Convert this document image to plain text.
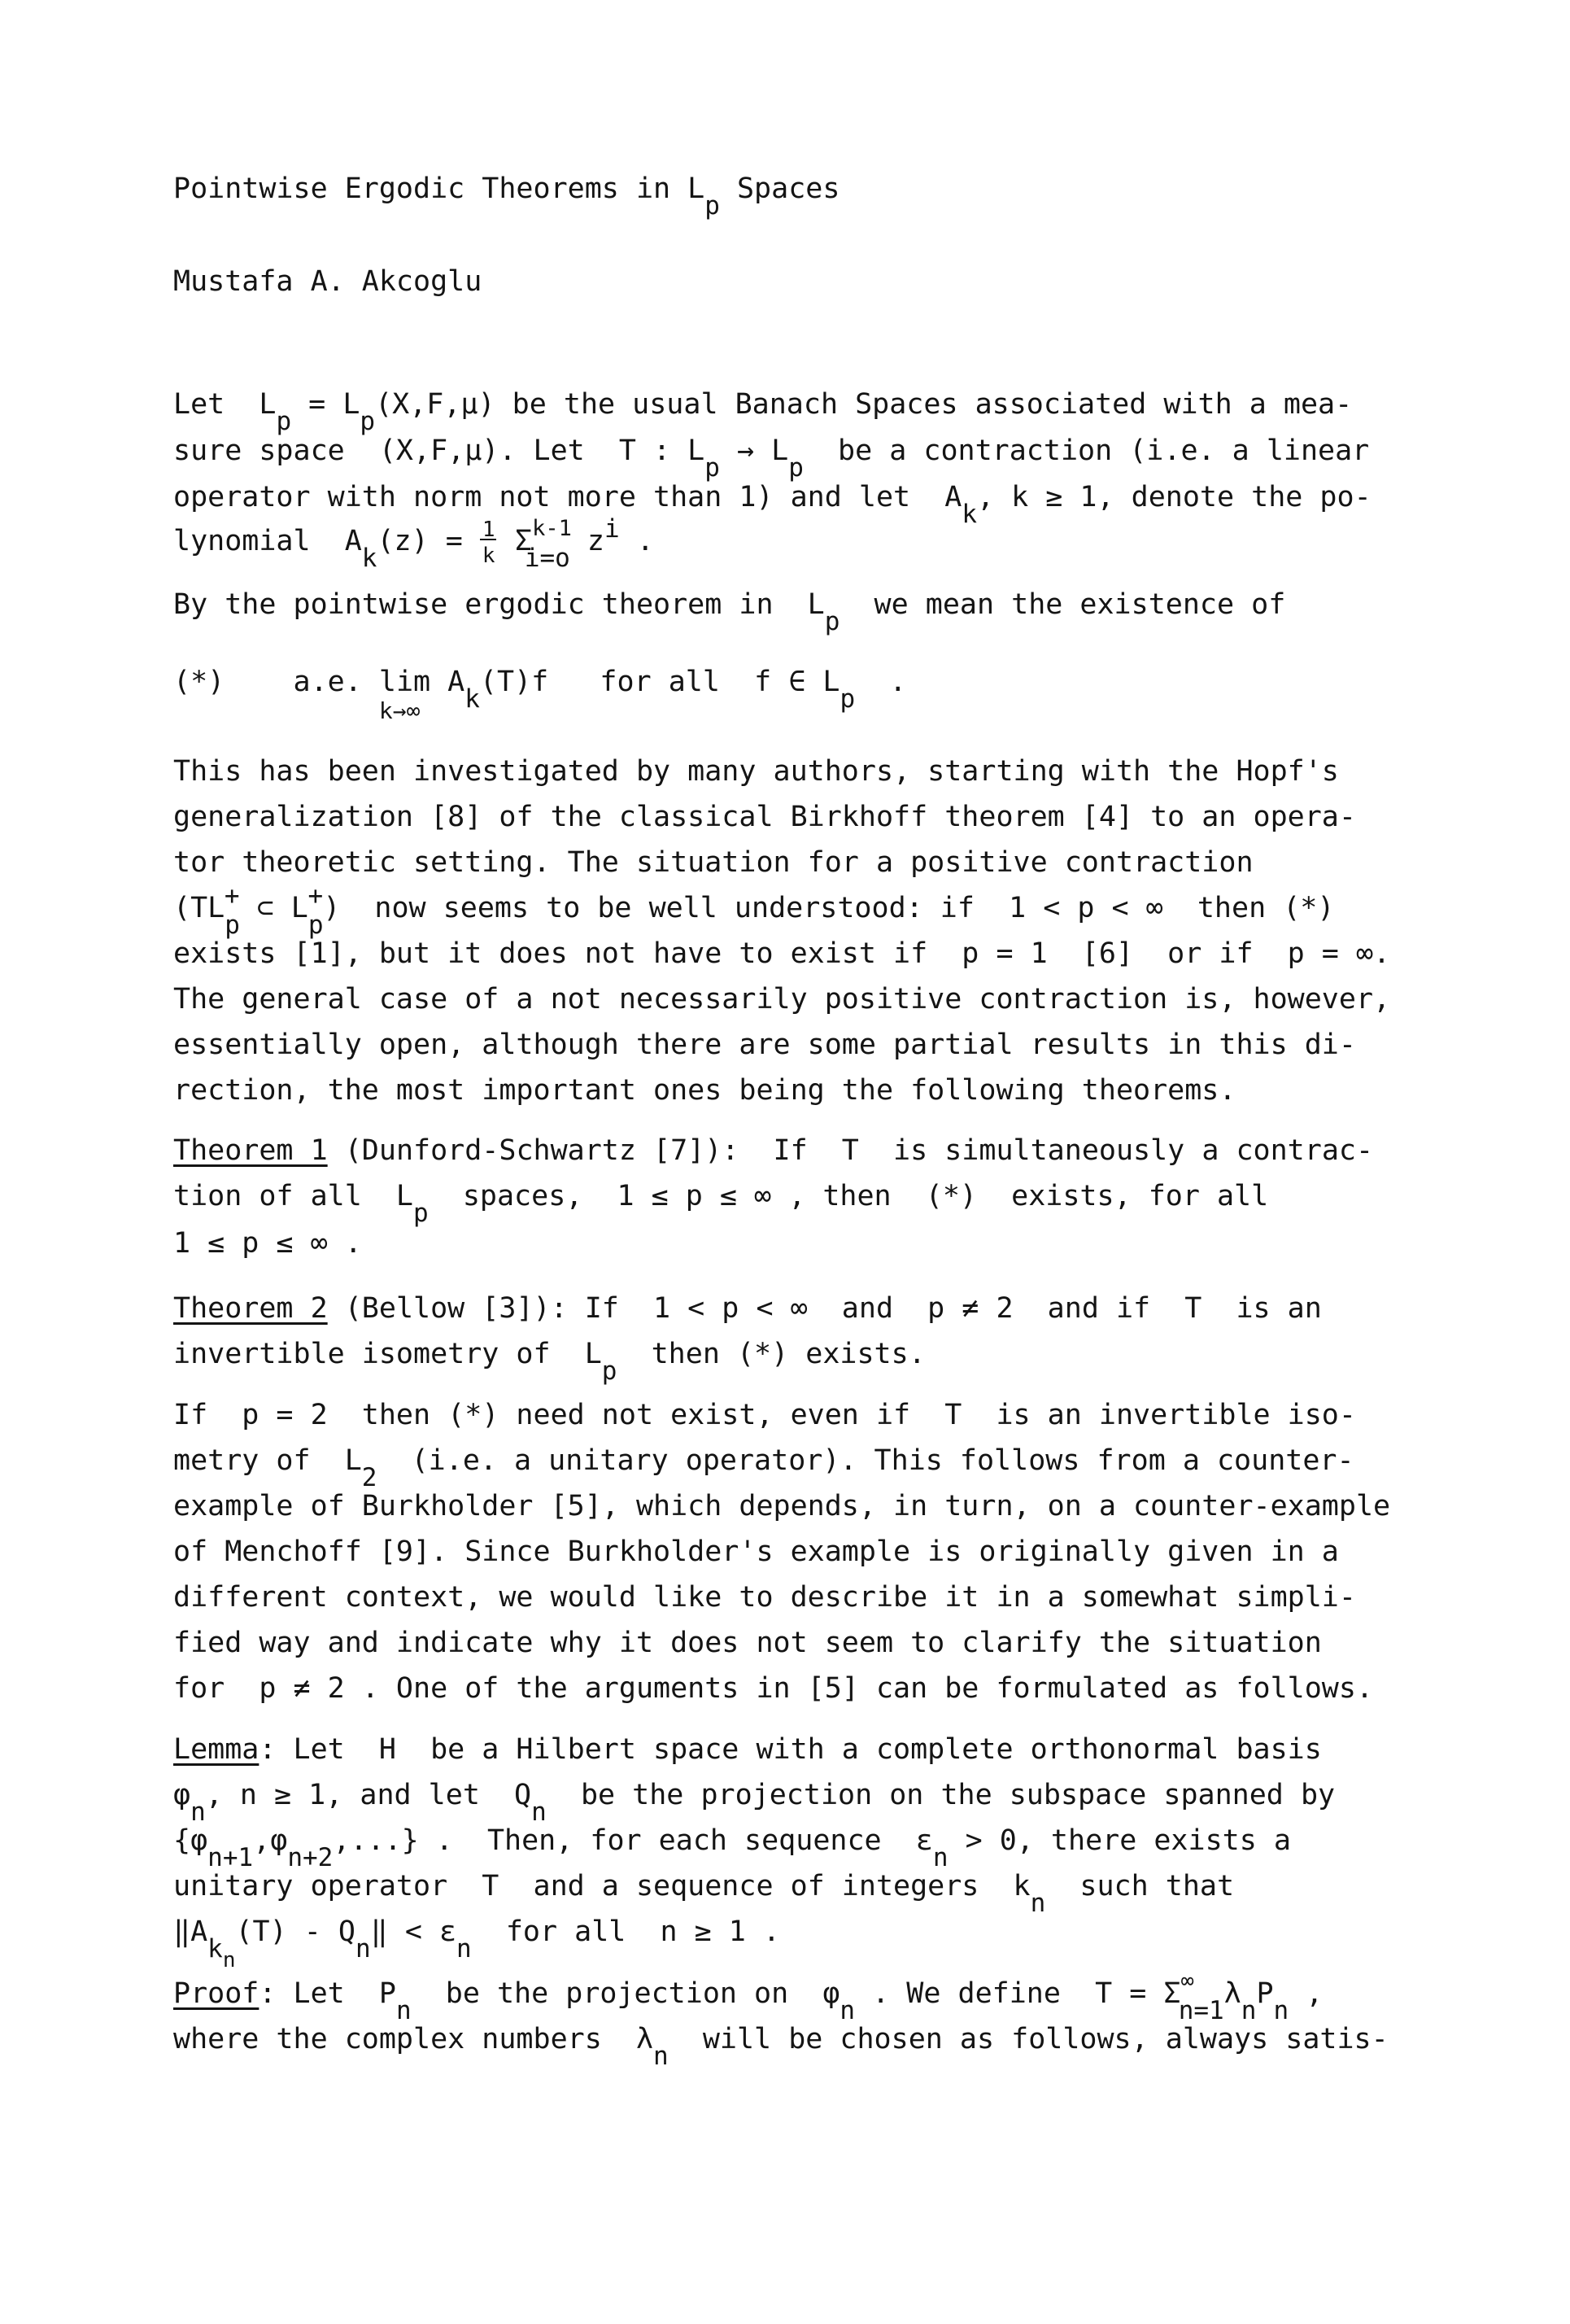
Pointwise Ergodic Theorems in Lp Spaces
Mustafa A. Akcoglu
Let  Lp = Lp(X,F,μ) be the usual Banach Spaces associated with a mea-
sure space  (X,F,μ). Let  T : Lp → Lp  be a contraction (i.e. a linear
operator with norm not more than 1) and let  Ak, k ≥ 1, denote the po-
lynomial  Ak(z) = 1
k $\Sigma^{k-1}i=o$ zi .
By the pointwise ergodic theorem in  Lp  we mean the existence of
(*)    a.e. lim
k→∞
Ak(T)f   for all  f ∈ Lp  .
This has been investigated by many authors, starting with the Hopf's
generalization [8] of the classical Birkhoff theorem [4] to an opera-
tor theoretic setting. The situation for a positive contraction
(TLp+ ⊂ Lp+)  now seems to be well understood: if  1 < p < ∞  then (*)
exists [1], but it does not have to exist if  p = 1  [6]  or if  p = ∞.
The general case of a not necessarily positive contraction is, however,
essentially open, although there are some partial results in this di-
rection, the most important ones being the following theorems.
Theorem 1 (Dunford-Schwartz [7]):  If  T  is simultaneously a contrac-
tion of all  Lp  spaces,  1 ≤ p ≤ ∞ , then  (*)  exists, for all
1 ≤ p ≤ ∞ .
Theorem 2 (Bellow [3]): If  1 < p < ∞  and  p ≠ 2  and if  T  is an
invertible isometry of  Lp  then (*) exists.
If  p = 2  then (*) need not exist, even if  T  is an invertible iso-
metry of  L2  (i.e. a unitary operator). This follows from a counter-
example of Burkholder [5], which depends, in turn, on a counter-example
of Menchoff [9]. Since Burkholder's example is originally given in a
different context, we would like to describe it in a somewhat simpli-
fied way and indicate why it does not seem to clarify the situation
for  p ≠ 2 . One of the arguments in [5] can be formulated as follows.
Lemma: Let  H  be a Hilbert space with a complete orthonormal basis
φn, n ≥ 1, and let  Qn  be the projection on the subspace spanned by
{φn+1,φn+2,...} .  Then, for each sequence  εn > 0, there exists a
unitary operator  T  and a sequence of integers  kn  such that
$‖Ak_n(T)$ - Qn‖ < εn  for all  n ≥ 1 .
Proof: Let  Pn  be the projection on  φn . We define  T = Σ∞n=1λnPn ,
where the complex numbers  λn  will be chosen as follows, always satis-
